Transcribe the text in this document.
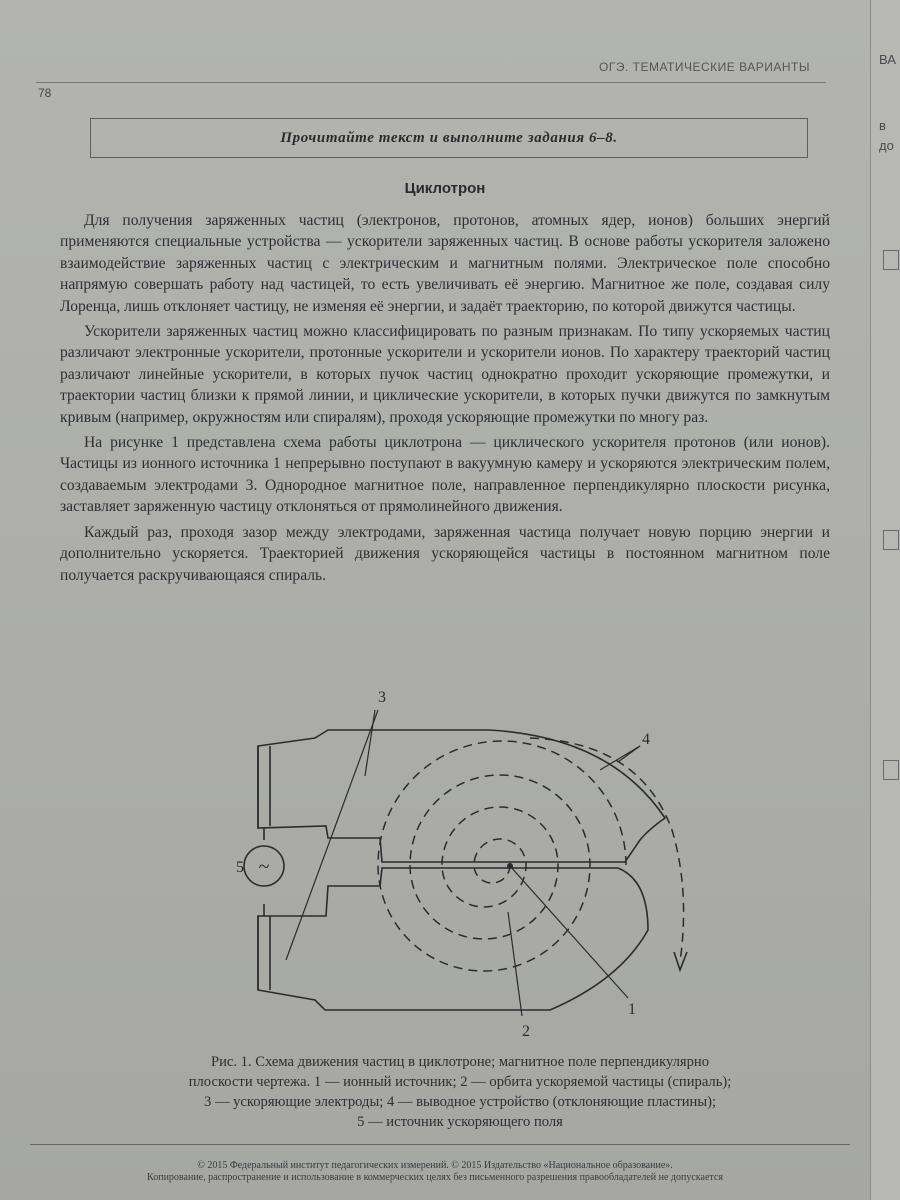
ОГЭ. ТЕМАТИЧЕСКИЕ ВАРИАНТЫ
78
Прочитайте текст и выполните задания 6–8.
Циклотрон

Для получения заряженных частиц (электронов, протонов, атомных ядер, ионов) больших энергий применяются специальные устройства — ускорители заряженных частиц. В основе работы ускорителя заложено взаимодействие заряженных частиц с электрическим и магнитным полями. Электрическое поле способно напрямую совершать работу над частицей, то есть увеличивать её энергию. Магнитное же поле, создавая силу Лоренца, лишь отклоняет частицу, не изменяя её энергии, и задаёт траекторию, по которой движутся частицы.

Ускорители заряженных частиц можно классифицировать по разным признакам. По типу ускоряемых частиц различают электронные ускорители, протонные ускорители и ускорители ионов. По характеру траекторий частиц различают линейные ускорители, в которых пучок частиц однократно проходит ускоряющие промежутки, и траектории частиц близки к прямой линии, и циклические ускорители, в которых пучки движутся по замкнутым кривым (например, окружностям или спиралям), проходя ускоряющие промежутки по многу раз.

На рисунке 1 представлена схема работы циклотрона — циклического ускорителя протонов (или ионов). Частицы из ионного источника 1 непрерывно поступают в вакуумную камеру и ускоряются электрическим полем, создаваемым электродами 3. Однородное магнитное поле, направленное перпендикулярно плоскости рисунка, заставляет заряженную частицу отклоняться от прямолинейного движения.

Каждый раз, проходя зазор между электродами, заряженная частица получает новую порцию энергии и дополнительно ускоряется. Траекторией движения ускоряющейся частицы в постоянном магнитном поле получается раскручивающаяся спираль.

~
3
4
5
1
2
Рис. 1. Схема движения частиц в циклотроне; магнитное поле перпендикулярно
плоскости чертежа. 1 — ионный источник; 2 — орбита ускоряемой частицы (спираль);
3 — ускоряющие электроды; 4 — выводное устройство (отклоняющие пластины);
5 — источник ускоряющего поля
© 2015 Федеральный институт педагогических измерений. © 2015 Издательство «Национальное образование».
Копирование, распространение и использование в коммерческих целях без письменного разрешения правообладателей не допускается
ВА
в
до
